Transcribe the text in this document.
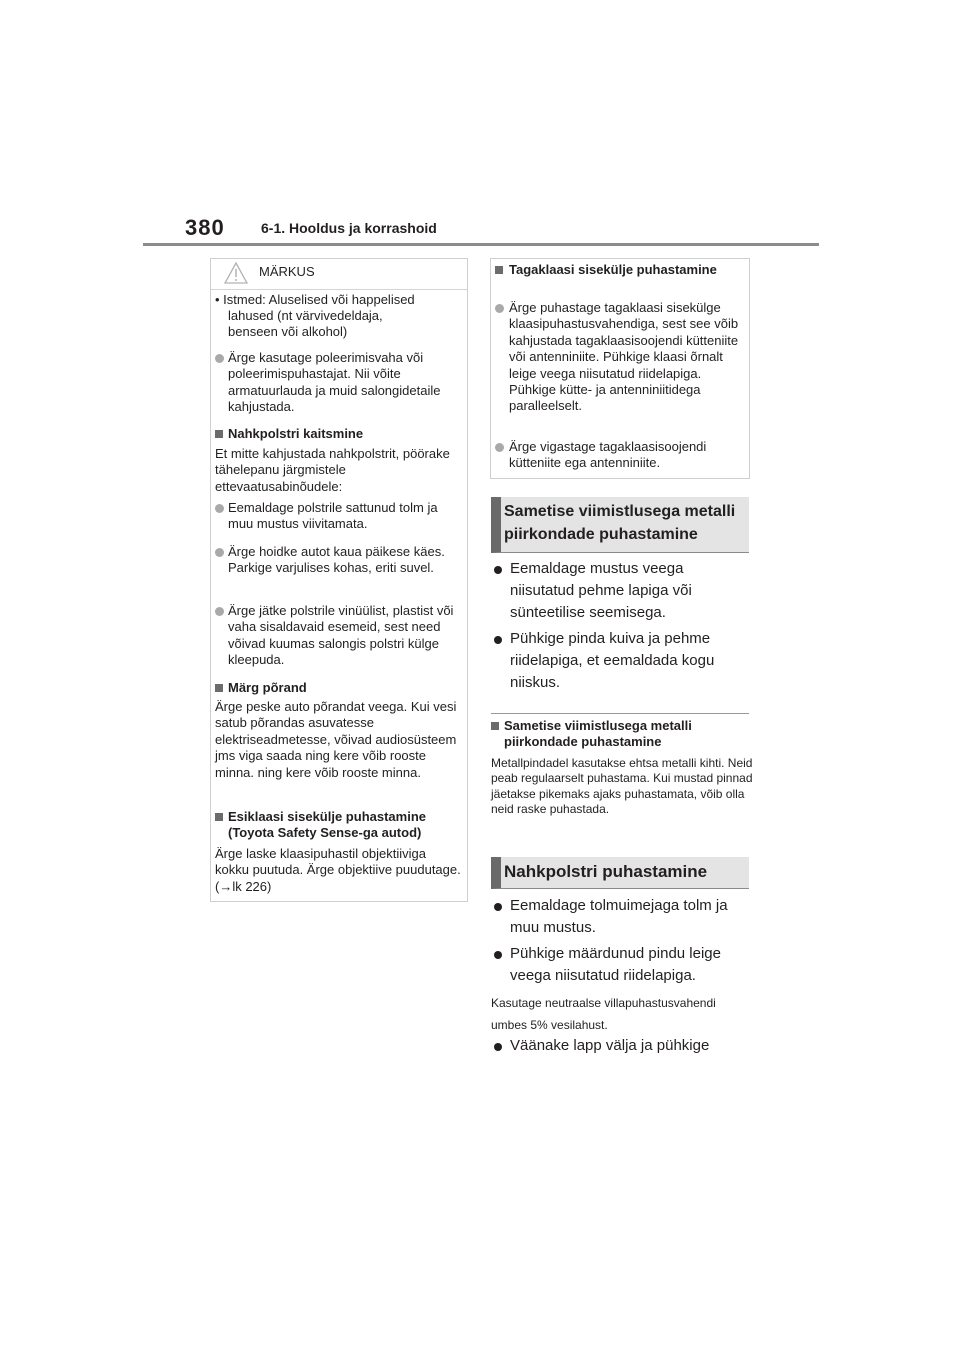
380	6-1. Hooldus ja korrashoid
MÄRKUS
• Istmed: Aluselised või happelised
lahused (nt värvivedeldaja,
benseen või alkohol)
Ärge kasutage poleerimisvaha või poleerimispuhastajat. Nii võite armatuurlauda ja muid salongidetaile kahjustada.
Nahkpolstri kaitsmine
Et mitte kahjustada nahkpolstrit, pöörake tähelepanu järgmistele ettevaatusabinõudele:
Eemaldage polstrile sattunud tolm ja muu mustus viivitamata.
Ärge hoidke autot kaua päikese käes. Parkige varjulises kohas, eriti suvel.
Ärge jätke polstrile vinüülist, plastist või vaha sisaldavaid esemeid, sest need võivad kuumas salongis polstri külge kleepuda.
Märg põrand
Ärge peske auto põrandat veega. Kui vesi satub põrandas asuvatesse elektriseadmetesse, võivad audiosüsteem jms viga saada ning kere võib rooste minna. ning kere võib rooste minna.
Esiklaasi sisekülje puhastamine (Toyota Safety Sense-ga autod)
Ärge laske klaasipuhastil objektiiviga kokku puutuda. Ärge objektiive puudutage. (→lk 226)
Tagaklaasi sisekülje puhastamine
Ärge puhastage tagaklaasi sisekülge klaasipuhastusvahendiga, sest see võib kahjustada tagaklaasisoojendi kütteniite või antenniniite. Pühkige klaasi õrnalt leige veega niisutatud riidelapiga. Pühkige kütte- ja antenniniitidega paralleelselt.
Ärge vigastage tagaklaasisoojendi kütteniite ega antenniniite.
Sametise viimistlusega metalli
piirkondade puhastamine
Eemaldage mustus veega niisutatud pehme lapiga või sünteetilise seemisega.
Pühkige pinda kuiva ja pehme riidelapiga, et eemaldada kogu niiskus.
Sametise viimistlusega metalli piirkondade puhastamine
Metallpindadel kasutakse ehtsa metalli kihti. Neid peab regulaarselt puhastama. Kui mustad pinnad jäetakse pikemaks ajaks puhastamata, võib olla neid raske puhastada.
Nahkpolstri puhastamine
Eemaldage tolmuimejaga tolm ja muu mustus.
Pühkige määrdunud pindu leige veega niisutatud riidelapiga.
Kasutage neutraalse villapuhastusvahendi umbes 5% vesilahust.
Väänake lapp välja ja pühkige
